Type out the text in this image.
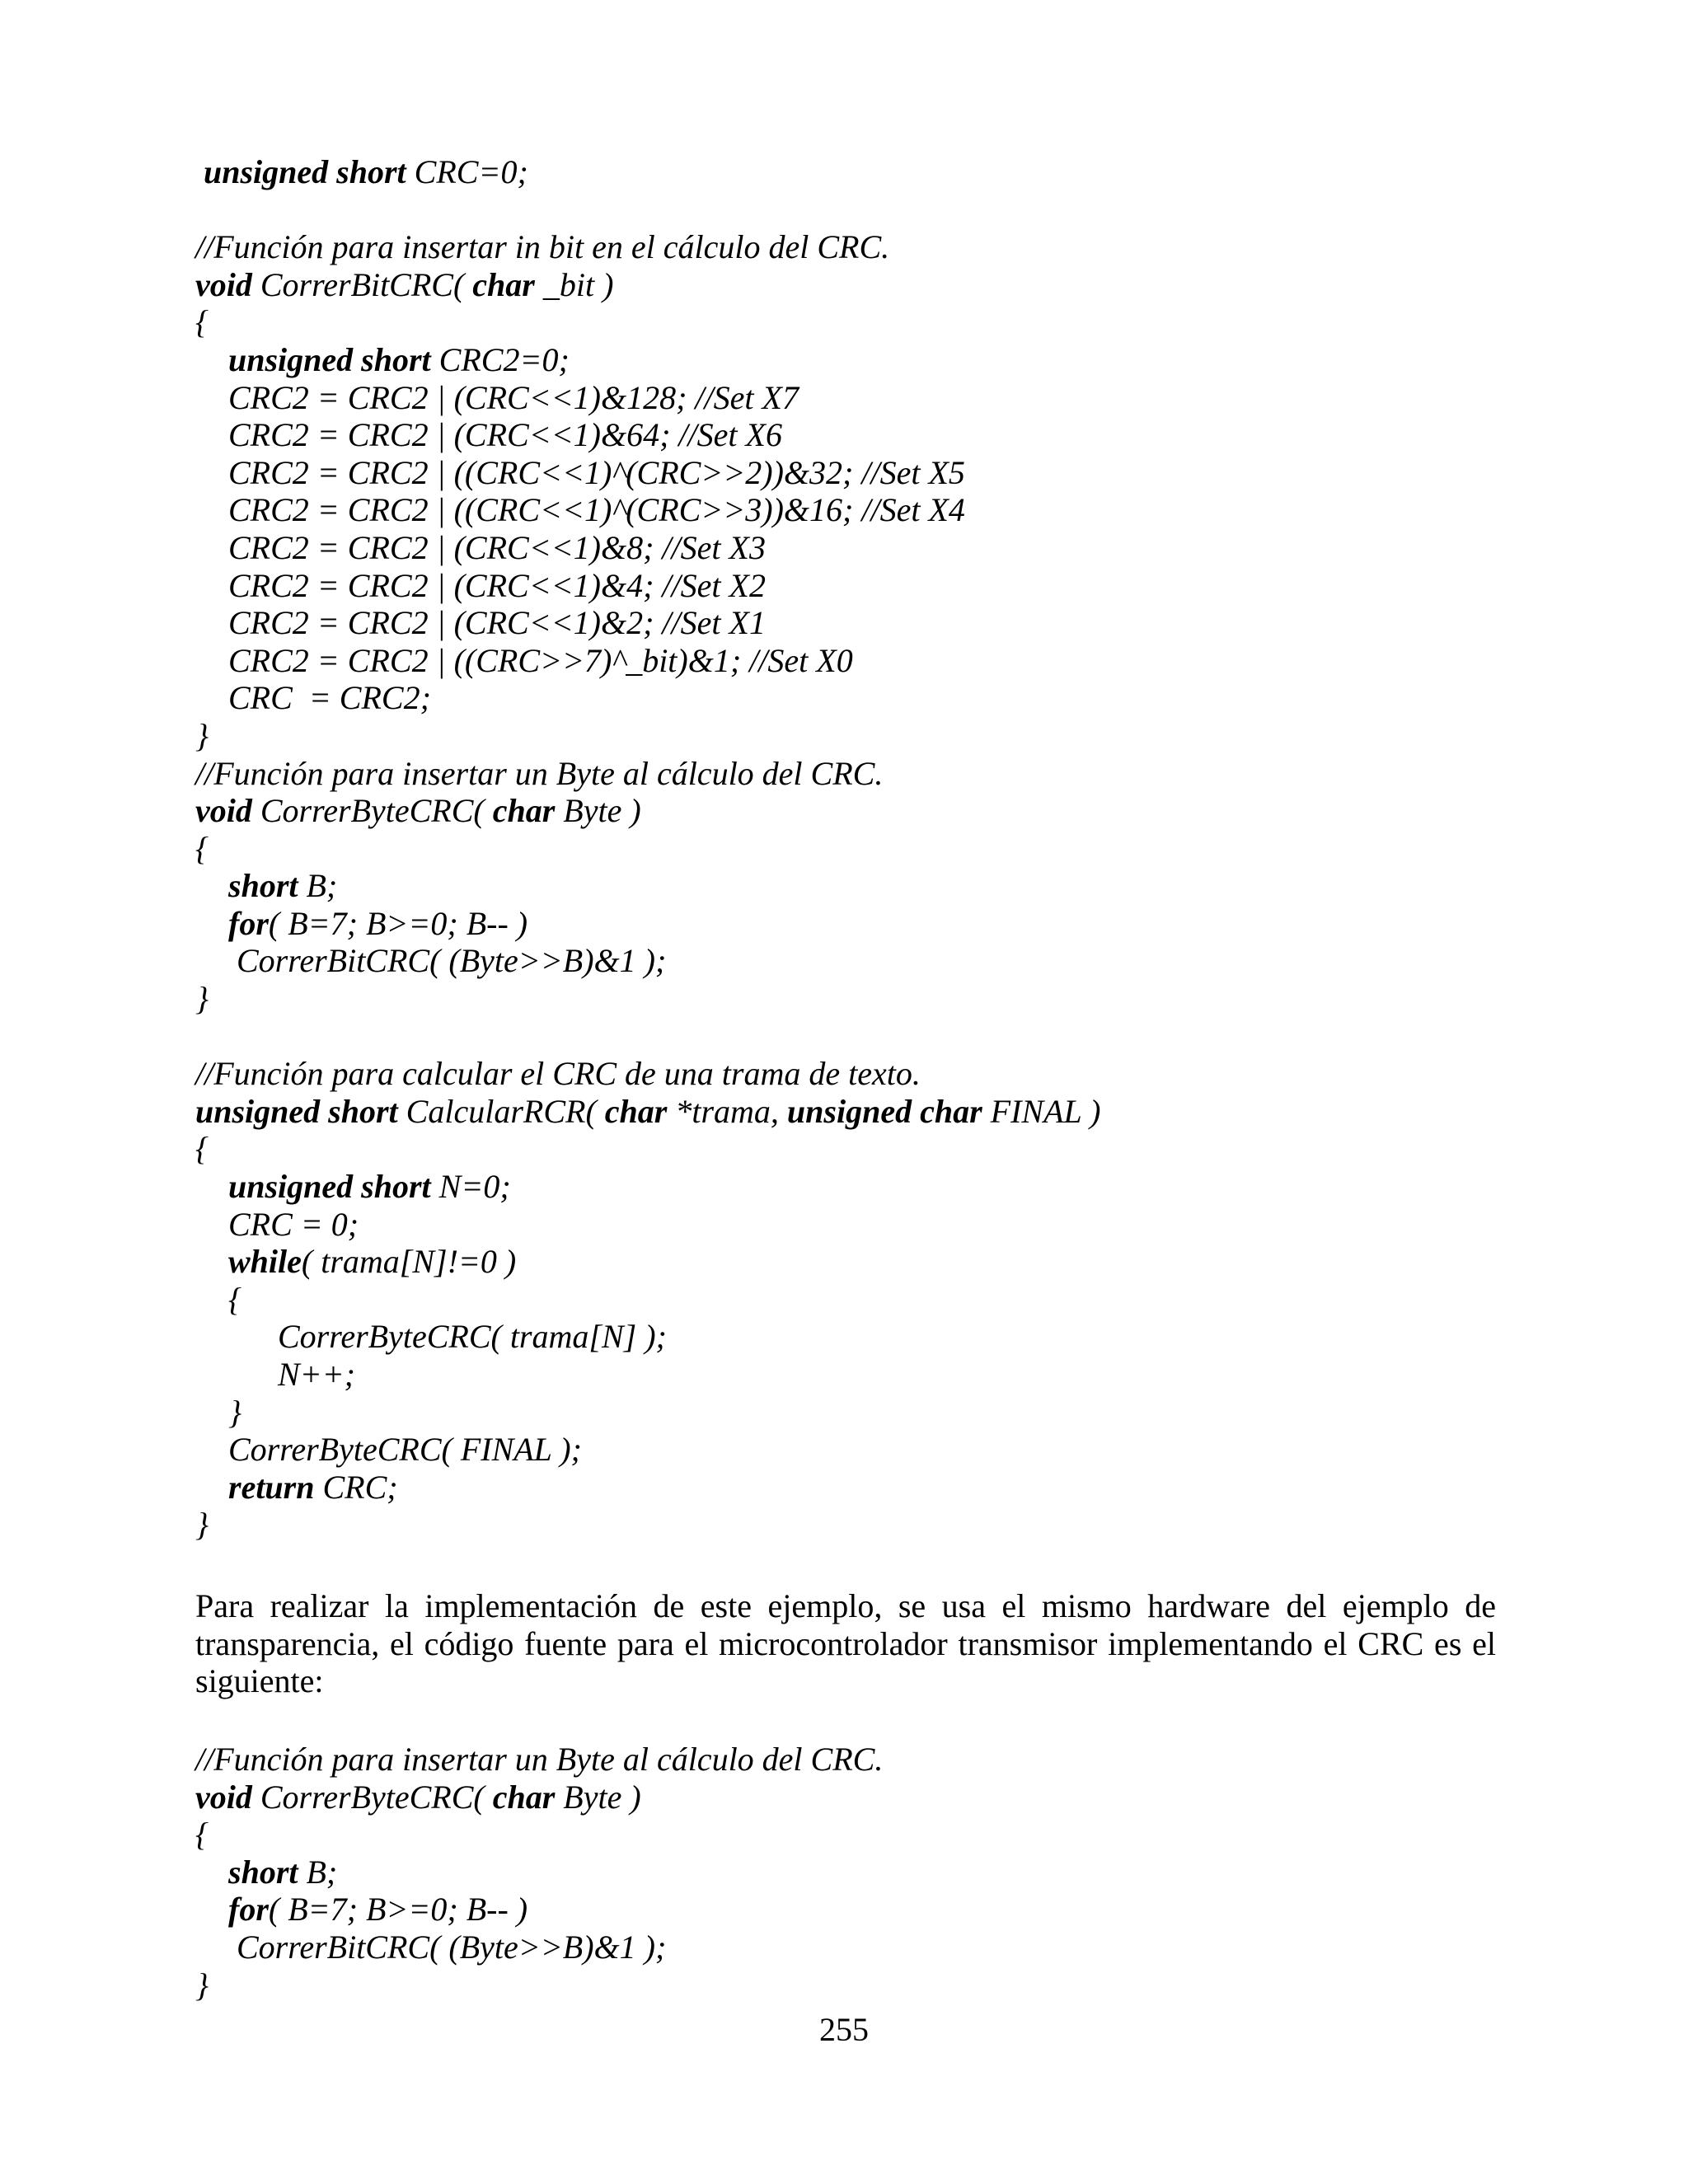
unsigned short CRC=0;
//Función para insertar in bit en el cálculo del CRC.
void CorrerBitCRC( char _bit )
{
unsigned short CRC2=0;
CRC2 = CRC2 | (CRC<<1)&128; //Set X7
CRC2 = CRC2 | (CRC<<1)&64; //Set X6
CRC2 = CRC2 | ((CRC<<1)^(CRC>>2))&32; //Set X5
CRC2 = CRC2 | ((CRC<<1)^(CRC>>3))&16; //Set X4
CRC2 = CRC2 | (CRC<<1)&8; //Set X3
CRC2 = CRC2 | (CRC<<1)&4; //Set X2
CRC2 = CRC2 | (CRC<<1)&2; //Set X1
CRC2 = CRC2 | ((CRC>>7)^_bit)&1; //Set X0
CRC  = CRC2;
}
//Función para insertar un Byte al cálculo del CRC.
void CorrerByteCRC( char Byte )
{
short B;
for( B=7; B>=0; B-- )
CorrerBitCRC( (Byte>>B)&1 );
}
//Función para calcular el CRC de una trama de texto.
unsigned short CalcularRCR( char *trama, unsigned char FINAL )
{
unsigned short N=0;
CRC = 0;
while( trama[N]!=0 )
{
CorrerByteCRC( trama[N] );
N++;
}
CorrerByteCRC( FINAL );
return CRC;
}

Para realizar la implementación de este ejemplo, se usa el mismo hardware del ejemplo de transparencia, el código fuente para el microcontrolador transmisor implementando el CRC es el siguiente:

//Función para insertar un Byte al cálculo del CRC.
void CorrerByteCRC( char Byte )
{
short B;
for( B=7; B>=0; B-- )
CorrerBitCRC( (Byte>>B)&1 );
}
255
